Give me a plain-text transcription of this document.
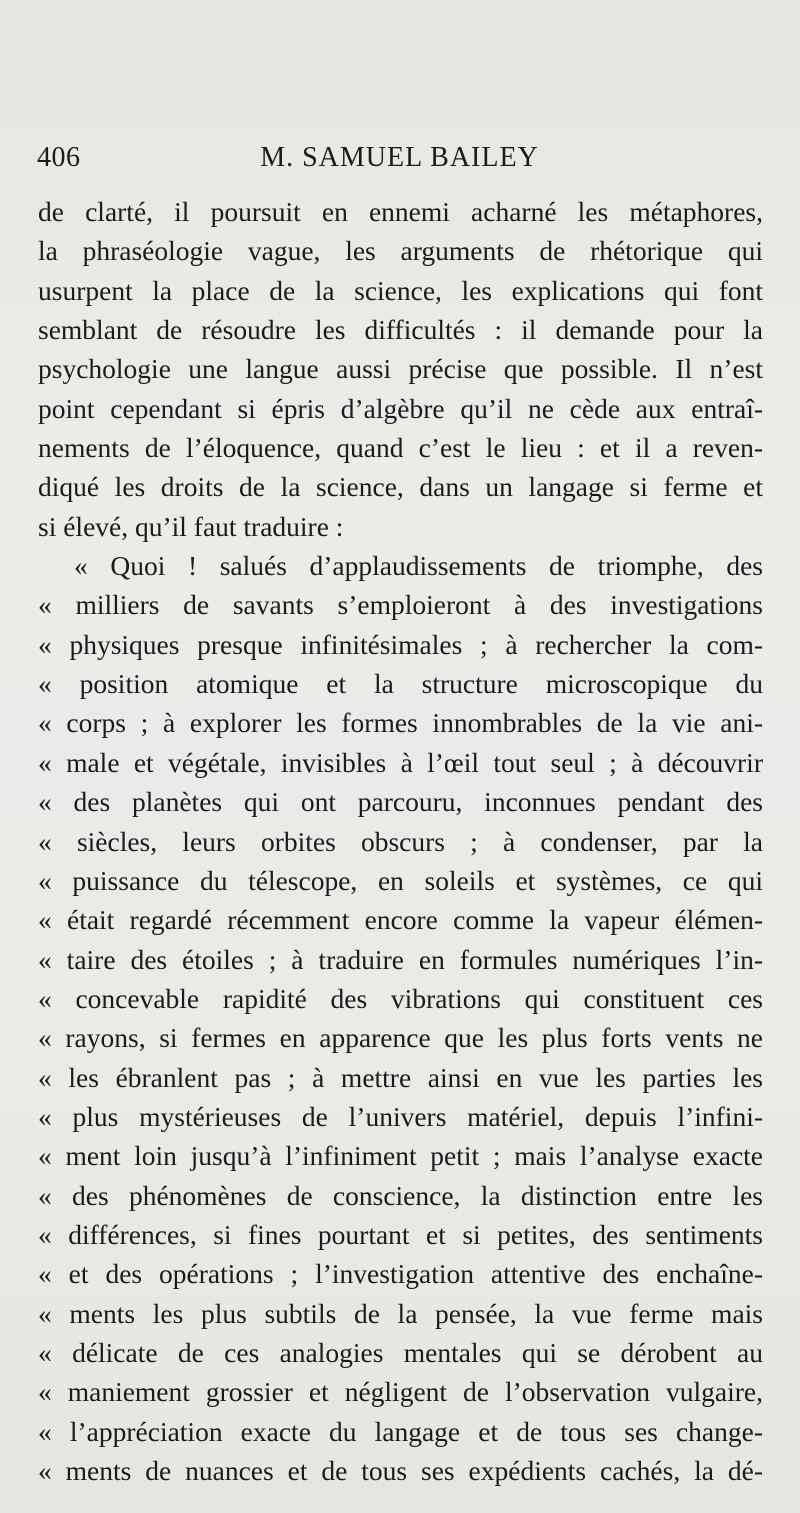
406	M. SAMUEL BAILEY
de clarté, il poursuit en ennemi acharné les métaphores,
la phraséologie vague, les arguments de rhétorique qui
usurpent la place de la science, les explications qui font
semblant de résoudre les difficultés : il demande pour la
psychologie une langue aussi précise que possible. Il n’est
point cependant si épris d’algèbre qu’il ne cède aux entraî-
nements de l’éloquence, quand c’est le lieu : et il a reven-
diqué les droits de la science, dans un langage si ferme et
si élevé, qu’il faut traduire :
« Quoi ! salués d’applaudissements de triomphe, des
« milliers de savants s’emploieront à des investigations
« physiques presque infinitésimales ; à rechercher la com-
« position atomique et la structure microscopique du
« corps ; à explorer les formes innombrables de la vie ani-
« male et végétale, invisibles à l’œil tout seul ; à découvrir
« des planètes qui ont parcouru, inconnues pendant des
« siècles, leurs orbites obscurs ; à condenser, par la
« puissance du télescope, en soleils et systèmes, ce qui
« était regardé récemment encore comme la vapeur élémen-
« taire des étoiles ; à traduire en formules numériques l’in-
« concevable rapidité des vibrations qui constituent ces
« rayons, si fermes en apparence que les plus forts vents ne
« les ébranlent pas ; à mettre ainsi en vue les parties les
« plus mystérieuses de l’univers matériel, depuis l’infini-
« ment loin jusqu’à l’infiniment petit ; mais l’analyse exacte
« des phénomènes de conscience, la distinction entre les
« différences, si fines pourtant et si petites, des sentiments
« et des opérations ; l’investigation attentive des enchaîne-
« ments les plus subtils de la pensée, la vue ferme mais
« délicate de ces analogies mentales qui se dérobent au
« maniement grossier et négligent de l’observation vulgaire,
« l’appréciation exacte du langage et de tous ses change-
« ments de nuances et de tous ses expédients cachés, la dé-
